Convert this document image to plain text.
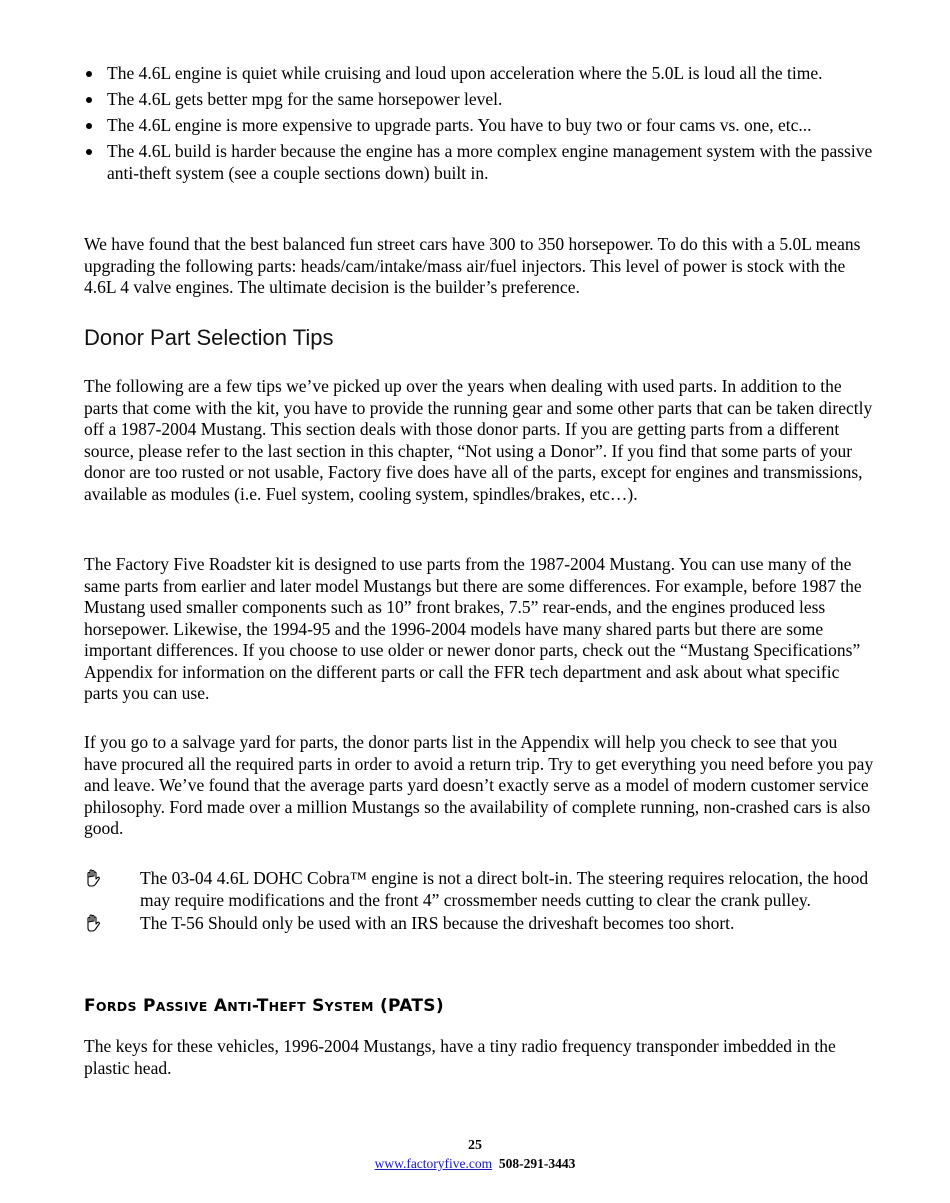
The 4.6L engine is quiet while cruising and loud upon acceleration where the 5.0L is loud all the time.
The 4.6L gets better mpg for the same horsepower level.
The 4.6L engine is more expensive to upgrade parts. You have to buy two or four cams vs. one, etc...
The 4.6L build is harder because the engine has a more complex engine management system with the passive anti-theft system (see a couple sections down) built in.

We have found that the best balanced fun street cars have 300 to 350 horsepower. To do this with a 5.0L means upgrading the following parts: heads/cam/intake/mass air/fuel injectors. This level of power is stock with the 4.6L 4 valve engines. The ultimate decision is the builder’s preference.

Donor Part Selection Tips

The following are a few tips we’ve picked up over the years when dealing with used parts. In addition to the parts that come with the kit, you have to provide the running gear and some other parts that can be taken directly off a 1987-2004 Mustang. This section deals with those donor parts. If you are getting parts from a different source, please refer to the last section in this chapter, “Not using a Donor”. If you find that some parts of your donor are too rusted or not usable, Factory five does have all of the parts, except for engines and transmissions, available as modules (i.e. Fuel system, cooling system, spindles/brakes, etc…).

The Factory Five Roadster kit is designed to use parts from the 1987-2004 Mustang. You can use many of the same parts from earlier and later model Mustangs but there are some differences. For example, before 1987 the Mustang used smaller components such as 10” front brakes, 7.5” rear-ends, and the engines produced less horsepower. Likewise, the 1994-95 and the 1996-2004 models have many shared parts but there are some important differences. If you choose to use older or newer donor parts, check out the “Mustang Specifications” Appendix for information on the different parts or call the FFR tech department and ask about what specific parts you can use.

If you go to a salvage yard for parts, the donor parts list in the Appendix will help you check to see that you have procured all the required parts in order to avoid a return trip. Try to get everything you need before you pay and leave. We’ve found that the average parts yard doesn’t exactly serve as a model of modern customer service philosophy. Ford made over a million Mustangs so the availability of complete running, non-crashed cars is also good.

The 03-04 4.6L DOHC Cobra™ engine is not a direct bolt-in. The steering requires relocation, the hood may require modifications and the front 4” crossmember needs cutting to clear the crank pulley.
The T-56 Should only be used with an IRS because the driveshaft becomes too short.
FORDS PASSIVE ANTI-THEFT SYSTEM (PATS)

The keys for these vehicles, 1996-2004 Mustangs, have a tiny radio frequency transponder imbedded in the plastic head.

25
www.factoryfive.com 508-291-3443
